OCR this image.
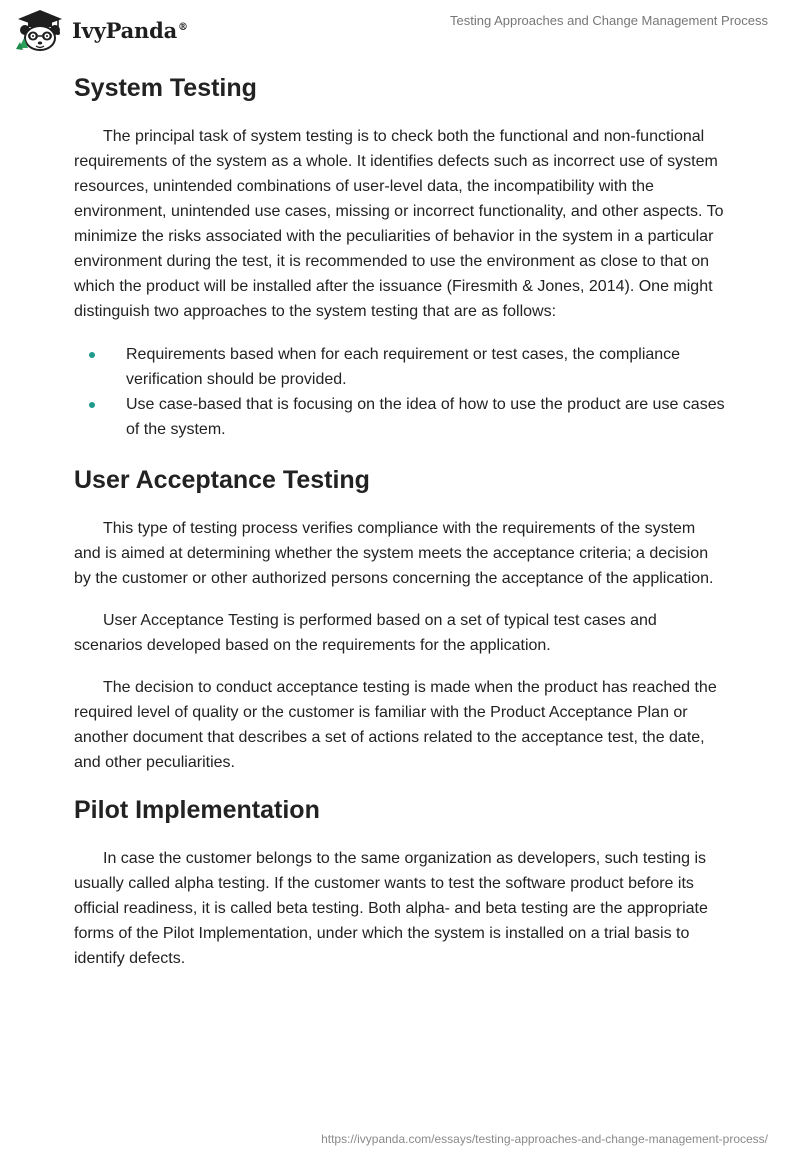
IvyPanda®	Testing Approaches and Change Management Process
System Testing

The principal task of system testing is to check both the functional and non-functional requirements of the system as a whole. It identifies defects such as incorrect use of system resources, unintended combinations of user-level data, the incompatibility with the environment, unintended use cases, missing or incorrect functionality, and other aspects. To minimize the risks associated with the peculiarities of behavior in the system in a particular environment during the test, it is recommended to use the environment as close to that on which the product will be installed after the issuance (Firesmith & Jones, 2014). One might distinguish two approaches to the system testing that are as follows:

Requirements based when for each requirement or test cases, the compliance verification should be provided.
Use case-based that is focusing on the idea of how to use the product are use cases of the system.
User Acceptance Testing

This type of testing process verifies compliance with the requirements of the system and is aimed at determining whether the system meets the acceptance criteria; a decision by the customer or other authorized persons concerning the acceptance of the application.

User Acceptance Testing is performed based on a set of typical test cases and scenarios developed based on the requirements for the application.

The decision to conduct acceptance testing is made when the product has reached the required level of quality or the customer is familiar with the Product Acceptance Plan or another document that describes a set of actions related to the acceptance test, the date, and other peculiarities.

Pilot Implementation

In case the customer belongs to the same organization as developers, such testing is usually called alpha testing. If the customer wants to test the software product before its official readiness, it is called beta testing. Both alpha- and beta testing are the appropriate forms of the Pilot Implementation, under which the system is installed on a trial basis to identify defects.

https://ivypanda.com/essays/testing-approaches-and-change-management-process/
